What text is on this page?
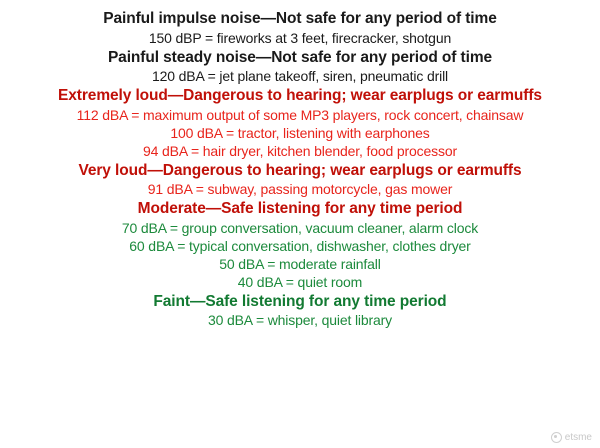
Painful impulse noise—Not safe for any period of time
150 dBP = fireworks at 3 feet, firecracker, shotgun
Painful steady noise—Not safe for any period of time
120 dBA = jet plane takeoff, siren, pneumatic drill
Extremely loud—Dangerous to hearing; wear earplugs or earmuffs
112 dBA = maximum output of some MP3 players, rock concert, chainsaw
100 dBA = tractor, listening with earphones
94 dBA = hair dryer, kitchen blender, food processor
Very loud—Dangerous to hearing; wear earplugs or earmuffs
91 dBA = subway, passing motorcycle, gas mower
Moderate—Safe listening for any time period
70 dBA = group conversation, vacuum cleaner, alarm clock
60 dBA = typical conversation, dishwasher, clothes dryer
50 dBA = moderate rainfall
40 dBA = quiet room
Faint—Safe listening for any time period
30 dBA = whisper, quiet library
etsme
